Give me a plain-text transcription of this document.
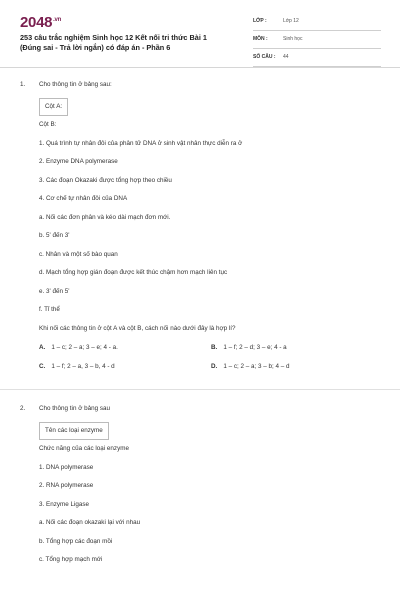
$2048^{.vn}$
253 câu trắc nghiệm Sinh học 12 Kết nối tri thức Bài 1
(Đúng sai - Trả lời ngắn) có đáp án - Phần 6
LỚP :	Lớp 12
MÔN :	Sinh học
SỐ CÂU : 44
1. Cho thông tin ở bảng sau:
Cột A:
Cột B:
1. Quá trình tự nhân đôi của phân tử DNA ở sinh vật nhân thực diễn ra ở
2. Enzyme DNA polymerase
3. Các đoạn Okazaki được tổng hợp theo chiều
4. Cơ chế tự nhân đôi của DNA
a. Nối các đơn phân và kéo dài mạch đơn mới.
b. 5' đến 3'
c. Nhân và một số bào quan
d. Mạch tổng hợp gián đoạn được kết thúc chậm hơn mạch liên tục
e. 3' đến 5'
f. Tỉ thể
Khi nối các thông tin ở cột A và cột B, cách nối nào dưới đây là hợp lí?
A. 1 – c; 2 – a; 3 – e; 4 - a.	B. 1 – f; 2 – d; 3 – e; 4 - a
C. 1 – f; 2 – a, 3 – b, 4 - d	D. 1 – c; 2 – a; 3 – b; 4 – d
2. Cho thông tin ở bảng sau
Tên các loại enzyme
Chức năng của các loại enzyme
1. DNA polymerase
2. RNA polymerase
3. Enzyme Ligase
a. Nối các đoạn okazaki lại với nhau
b. Tổng hợp các đoạn mồi
c. Tổng hợp mạch mới
